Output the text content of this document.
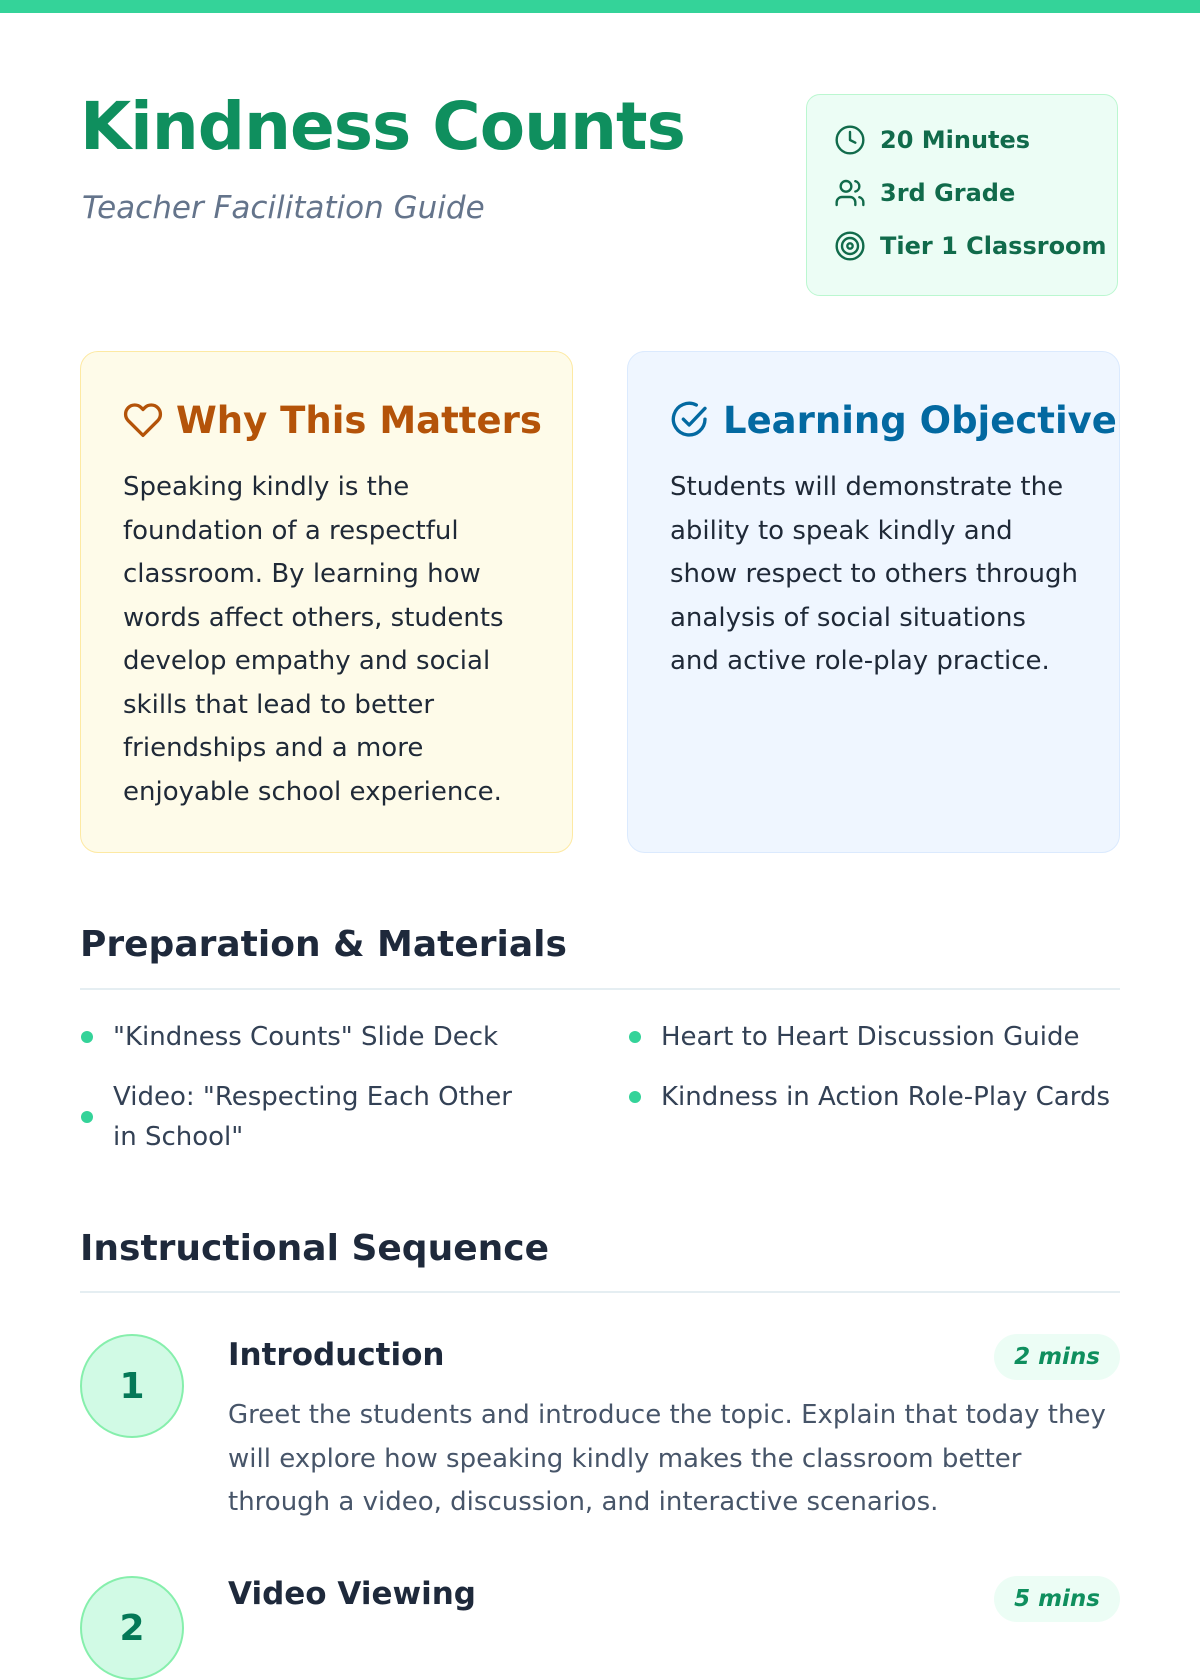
Kindness Counts

Teacher Facilitation Guide

20 Minutes
3rd Grade
Tier 1 Classroom
Why This Matters

Speaking kindly is the foundation of a respectful classroom. By learning how words affect others, students develop empathy and social skills that lead to better friendships and a more enjoyable school experience.

Learning Objective

Students will demonstrate the ability to speak kindly and show respect to others through analysis of social situations and active role-play practice.

Preparation & Materials
"Kindness Counts" Slide Deck	Heart to Heart Discussion Guide
Video: "Respecting Each Other in School"
Kindness in Action Role-Play Cards
Instructional Sequence
1
Introduction	2 mins

Greet the students and introduce the topic. Explain that today they will explore how speaking kindly makes the classroom better through a video, discussion, and interactive scenarios.

2
Video Viewing	5 mins
